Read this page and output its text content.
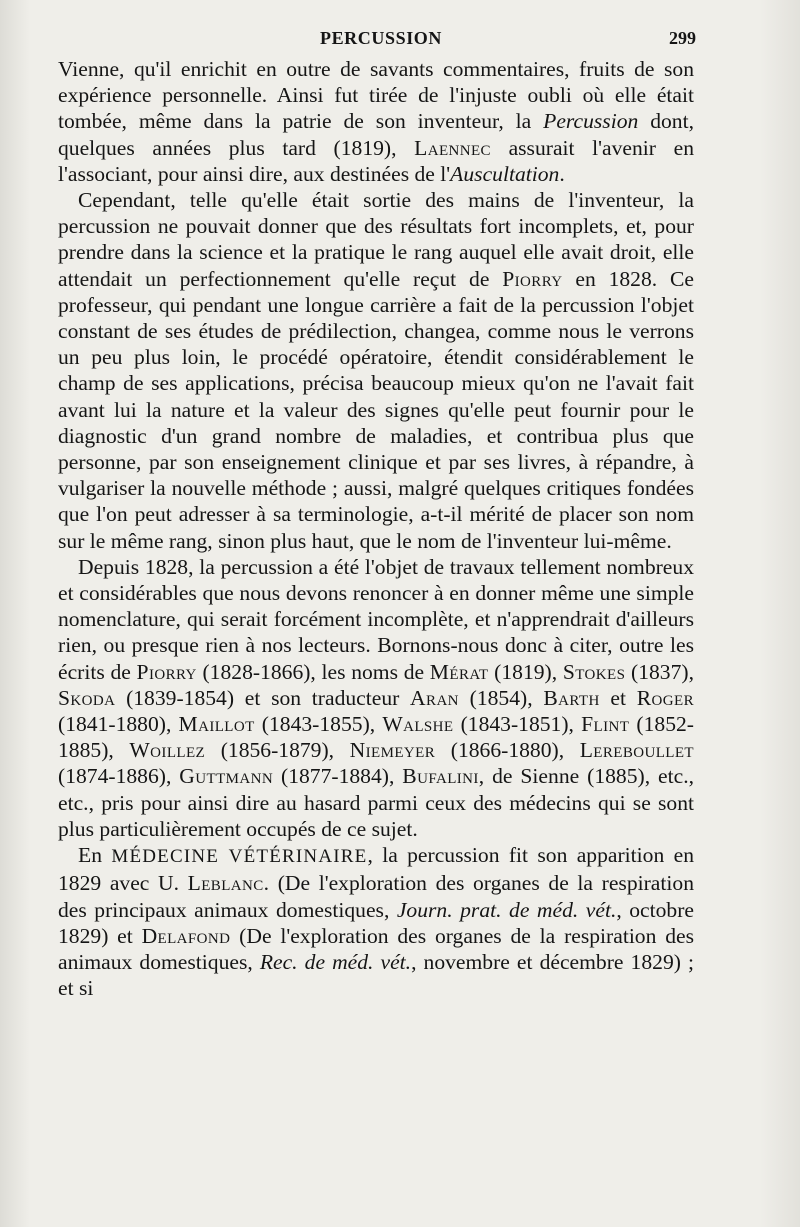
PERCUSSION	299

Vienne, qu'il enrichit en outre de savants commentaires, fruits de son expérience personnelle. Ainsi fut tirée de l'injuste oubli où elle était tombée, même dans la patrie de son inventeur, la Percussion dont, quelques années plus tard (1819), Laennec assurait l'avenir en l'associant, pour ainsi dire, aux destinées de l'Auscultation.

Cependant, telle qu'elle était sortie des mains de l'inventeur, la percussion ne pouvait donner que des résultats fort incomplets, et, pour prendre dans la science et la pratique le rang auquel elle avait droit, elle attendait un perfectionnement qu'elle reçut de Piorry en 1828. Ce professeur, qui pendant une longue carrière a fait de la percussion l'objet constant de ses études de prédilection, changea, comme nous le verrons un peu plus loin, le procédé opératoire, étendit considérablement le champ de ses applications, précisa beaucoup mieux qu'on ne l'avait fait avant lui la nature et la valeur des signes qu'elle peut fournir pour le diagnostic d'un grand nombre de maladies, et contribua plus que personne, par son enseignement clinique et par ses livres, à répandre, à vulgariser la nouvelle méthode ; aussi, malgré quelques critiques fondées que l'on peut adresser à sa terminologie, a-t-il mérité de placer son nom sur le même rang, sinon plus haut, que le nom de l'inventeur lui-même.

Depuis 1828, la percussion a été l'objet de travaux tellement nombreux et considérables que nous devons renoncer à en donner même une simple nomenclature, qui serait forcément incomplète, et n'apprendrait d'ailleurs rien, ou presque rien à nos lecteurs. Bornons-nous donc à citer, outre les écrits de Piorry (1828-1866), les noms de Mérat (1819), Stokes (1837), Skoda (1839-1854) et son traducteur Aran (1854), Barth et Roger (1841-1880), Maillot (1843-1855), Walshe (1843-1851), Flint (1852-1885), Woillez (1856-1879), Niemeyer (1866-1880), Lereboullet (1874-1886), Guttmann (1877-1884), Bufalini, de Sienne (1885), etc., etc., pris pour ainsi dire au hasard parmi ceux des médecins qui se sont plus particulièrement occupés de ce sujet.

En MÉDECINE VÉTÉRINAIRE, la percussion fit son apparition en 1829 avec U. Leblanc. (De l'exploration des organes de la respiration des principaux animaux domestiques, Journ. prat. de méd. vét., octobre 1829) et Delafond (De l'exploration des organes de la respiration des animaux domestiques, Rec. de méd. vét., novembre et décembre 1829) ; et si
